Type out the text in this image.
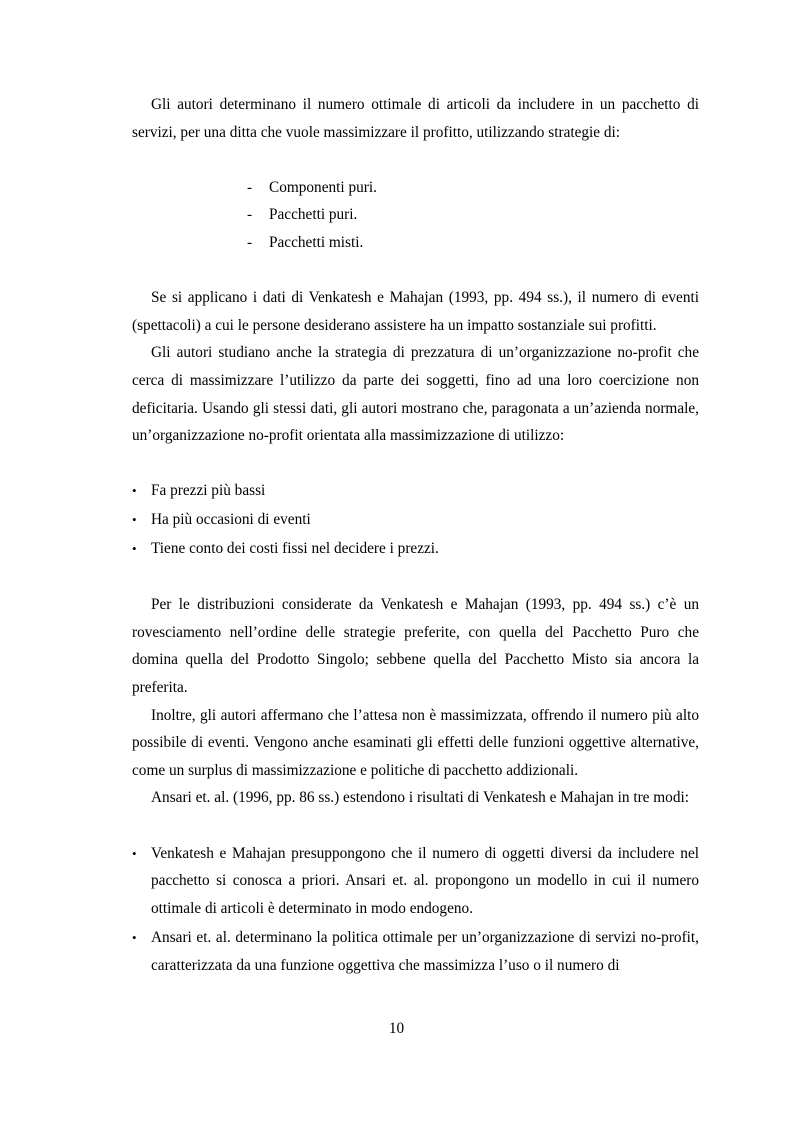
Gli autori determinano il numero ottimale di articoli da includere in un pacchetto di servizi, per una ditta che vuole massimizzare il profitto, utilizzando strategie di:

- Componenti puri.
- Pacchetti puri.
- Pacchetti misti.

Se si applicano i dati di Venkatesh e Mahajan (1993, pp. 494 ss.), il numero di eventi (spettacoli) a cui le persone desiderano assistere ha un impatto sostanziale sui profitti.

Gli autori studiano anche la strategia di prezzatura di un’organizzazione no-profit che cerca di massimizzare l’utilizzo da parte dei soggetti, fino ad una loro coercizione non deficitaria. Usando gli stessi dati, gli autori mostrano che, paragonata a un’azienda normale, un’organizzazione no-profit orientata alla massimizzazione di utilizzo:

• Fa prezzi più bassi
• Ha più occasioni di eventi
• Tiene conto dei costi fissi nel decidere i prezzi.

Per le distribuzioni considerate da Venkatesh e Mahajan (1993, pp. 494 ss.) c’è un rovesciamento nell’ordine delle strategie preferite, con quella del Pacchetto Puro che domina quella del Prodotto Singolo; sebbene quella del Pacchetto Misto sia ancora la preferita.

Inoltre, gli autori affermano che l’attesa non è massimizzata, offrendo il numero più alto possibile di eventi. Vengono anche esaminati gli effetti delle funzioni oggettive alternative, come un surplus di massimizzazione e politiche di pacchetto addizionali.

Ansari et. al. (1996, pp. 86 ss.) estendono i risultati di Venkatesh e Mahajan in tre modi:

• Venkatesh e Mahajan presuppongono che il numero di oggetti diversi da includere nel pacchetto si conosca a priori. Ansari et. al. propongono un modello in cui il numero ottimale di articoli è determinato in modo endogeno.
• Ansari et. al. determinano la politica ottimale per un’organizzazione di servizi no-profit, caratterizzata da una funzione oggettiva che massimizza l’uso o il numero di
10
